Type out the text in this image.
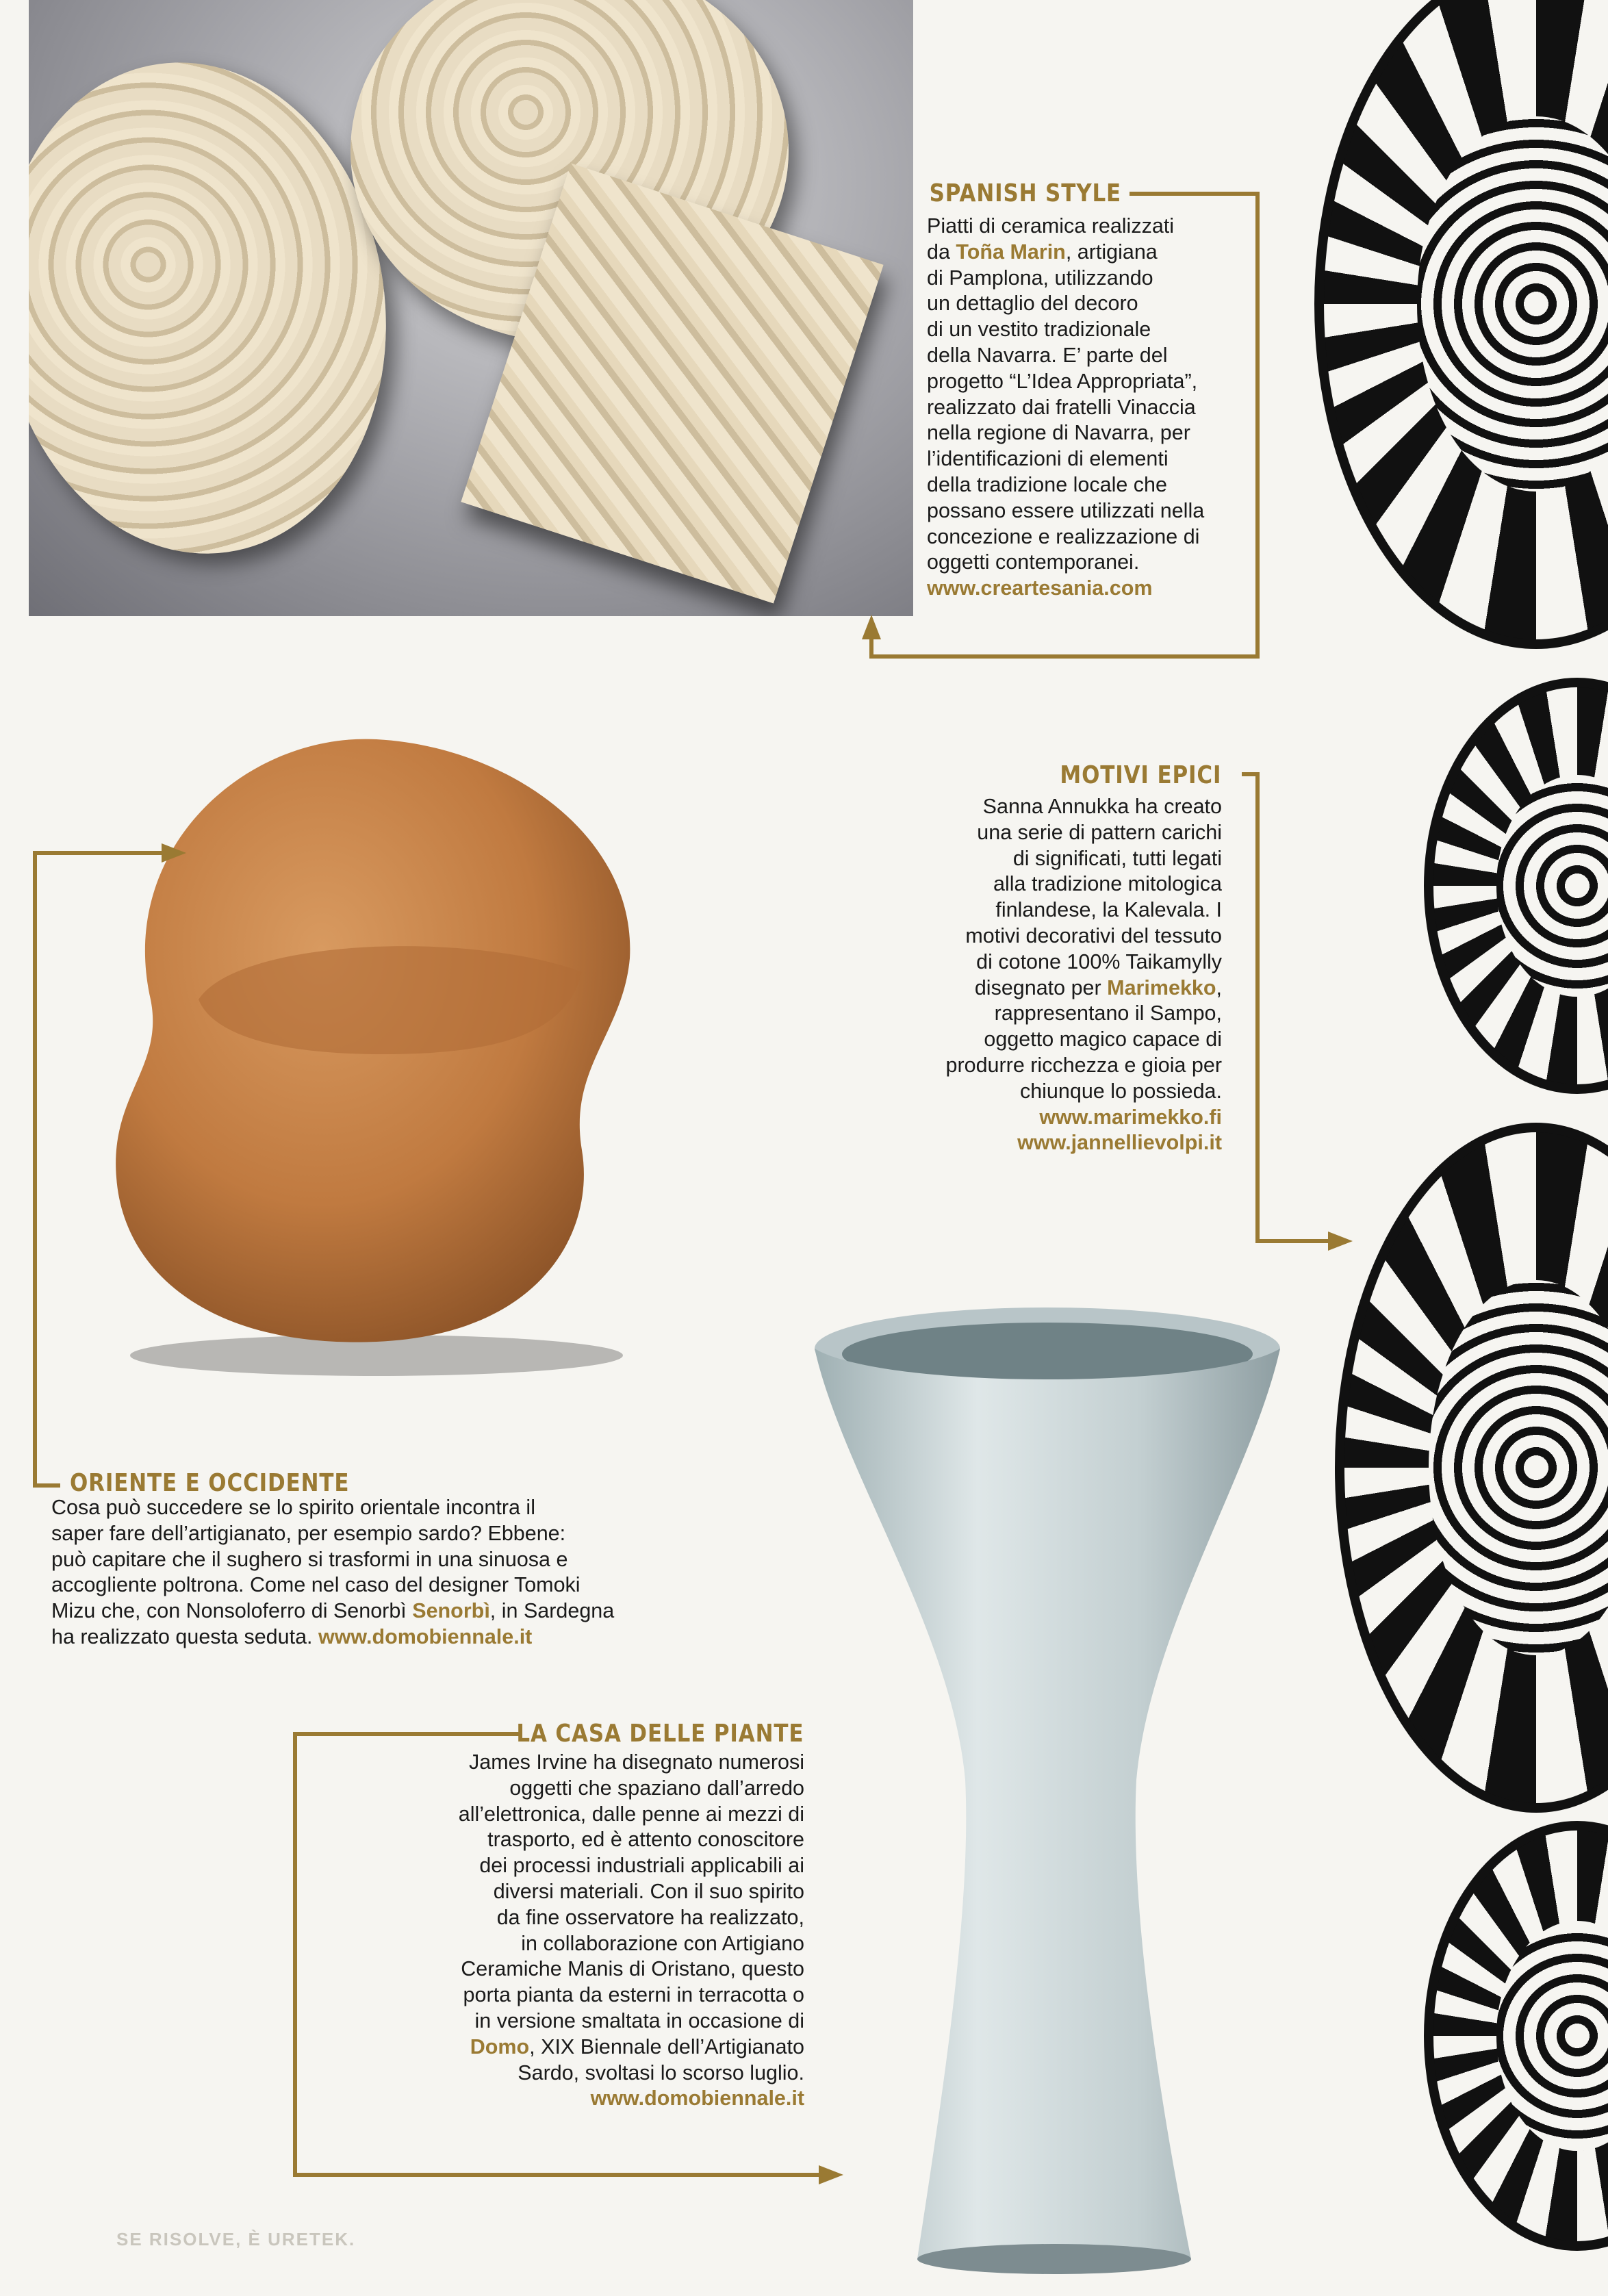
SE RISOLVE, È URETEK.
SPANISH STYLE
Piatti di ceramica realizzati
da Toña Marin, artigiana
di Pamplona, utilizzando
un dettaglio del decoro
di un vestito tradizionale
della Navarra. E’ parte del
progetto “L’Idea Appropriata”,
realizzato dai fratelli Vinaccia
nella regione di Navarra, per
l’identificazioni di elementi
della tradizione locale che
possano essere utilizzati nella
concezione e realizzazione di
oggetti contemporanei.
www.creartesania.com
MOTIVI EPICI
Sanna Annukka ha creato
una serie di pattern carichi
di significati, tutti legati
alla tradizione mitologica
finlandese, la Kalevala. I
motivi decorativi del tessuto
di cotone 100% Taikamylly
disegnato per Marimekko,
rappresentano il Sampo,
oggetto magico capace di
produrre ricchezza e gioia per
chiunque lo possieda.
www.marimekko.fi
www.jannellievolpi.it
ORIENTE E OCCIDENTE
Cosa può succedere se lo spirito orientale incontra il
saper fare dell’artigianato, per esempio sardo? Ebbene:
può capitare che il sughero si trasformi in una sinuosa e
accogliente poltrona. Come nel caso del designer Tomoki
Mizu che, con Nonsoloferro di Senorbì Senorbì, in Sardegna
ha realizzato questa seduta. www.domobiennale.it
LA CASA DELLE PIANTE
James Irvine ha disegnato numerosi
oggetti che spaziano dall’arredo
all’elettronica, dalle penne ai mezzi di
trasporto, ed è attento conoscitore
dei processi industriali applicabili ai
diversi materiali. Con il suo spirito
da fine osservatore ha realizzato,
in collaborazione con Artigiano
Ceramiche Manis di Oristano, questo
porta pianta da esterni in terracotta o
in versione smaltata in occasione di
Domo, XIX Biennale dell’Artigianato
Sardo, svoltasi lo scorso luglio.
www.domobiennale.it
